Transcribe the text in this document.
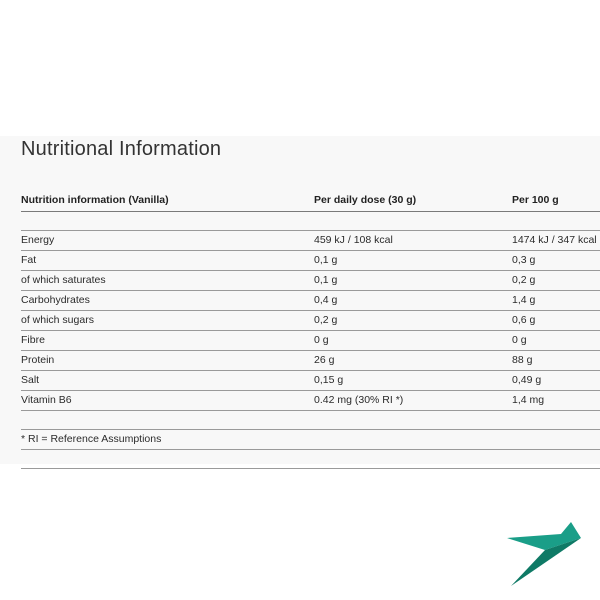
Nutritional Information
Nutrition information (Vanilla)	Per daily dose (30 g)	Per 100 g
Energy	459 kJ / 108 kcal	1474 kJ / 347 kcal
Fat	0,1 g	0,3 g
of which saturates	0,1 g	0,2 g
Carbohydrates	0,4 g	1,4 g
of which sugars	0,2 g	0,6 g
Fibre	0 g	0 g
Protein	26 g	88 g
Salt	0,15 g	0,49 g
Vitamin B6	0.42 mg (30% RI *)	1,4 mg
* RI = Reference Assumptions
